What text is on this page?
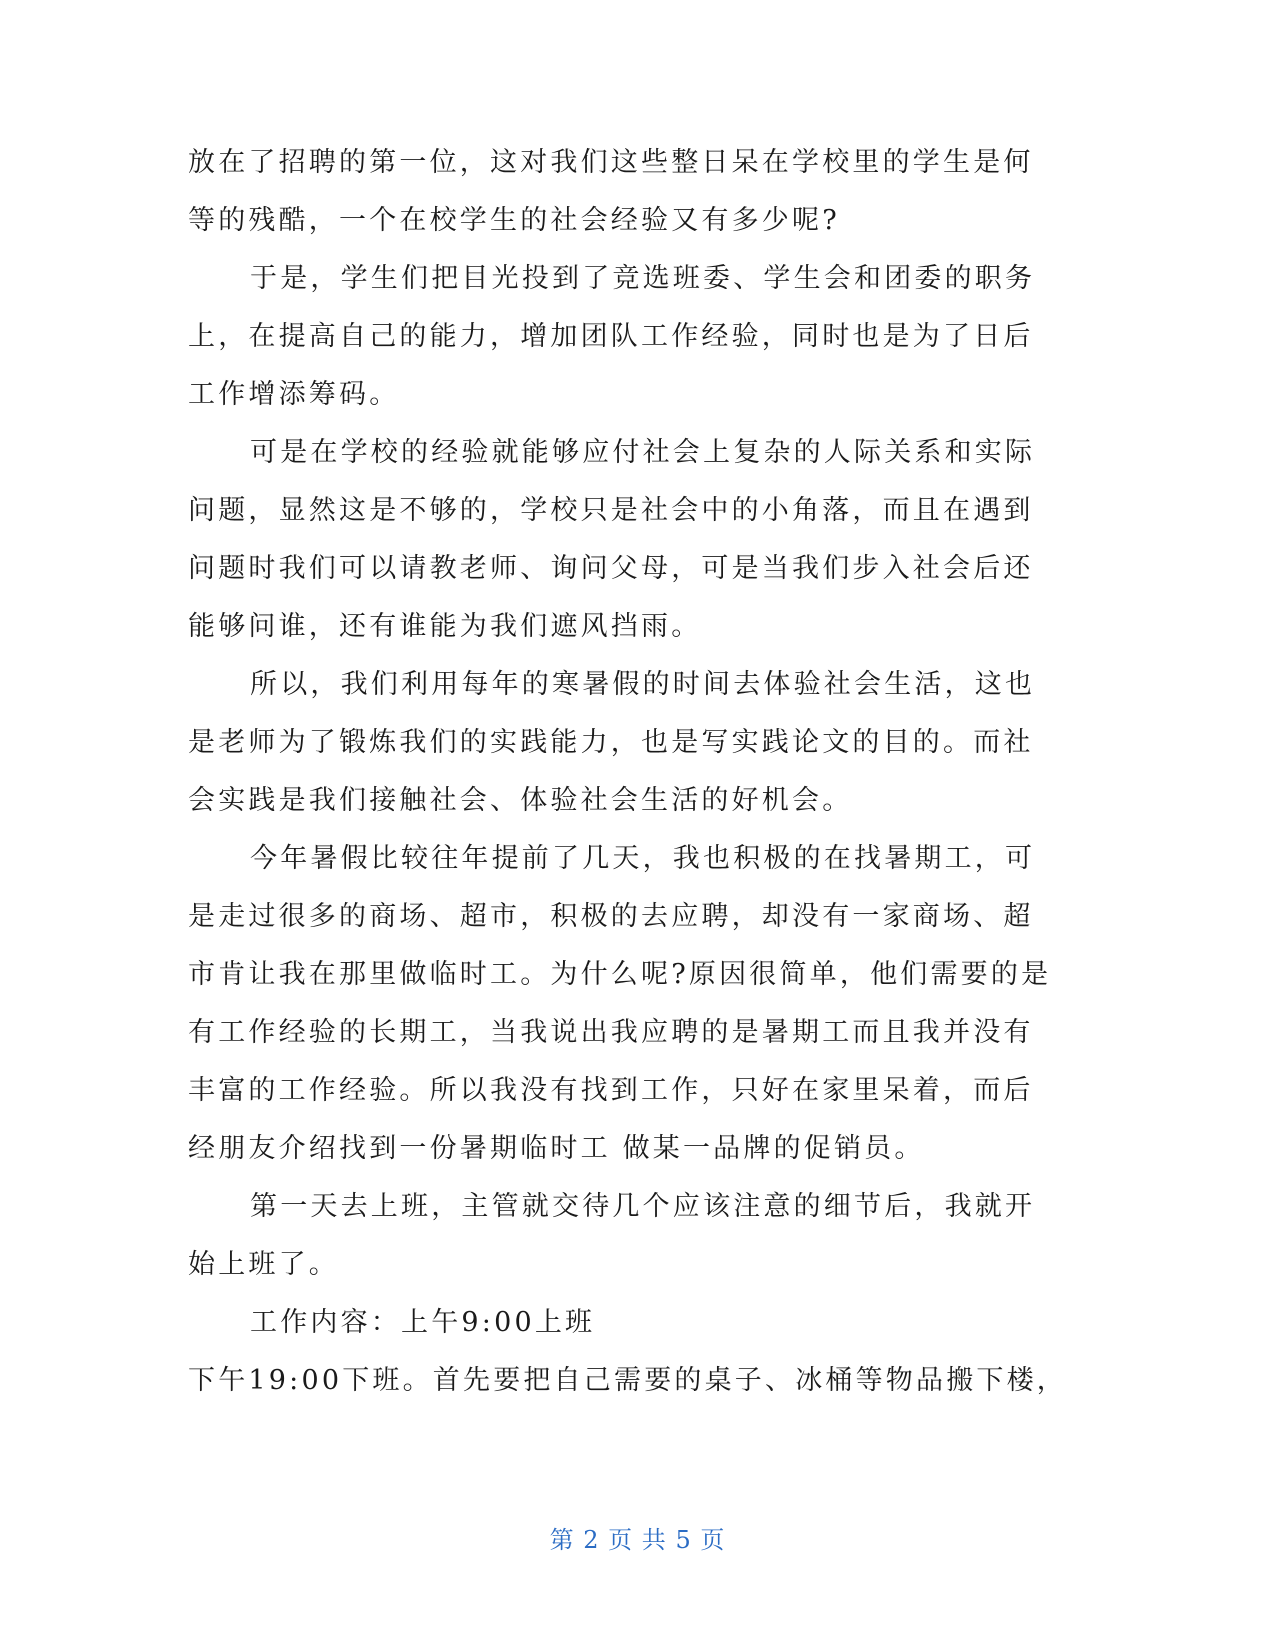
放在了招聘的第一位，这对我们这些整日呆在学校里的学生是何
等的残酷，一个在校学生的社会经验又有多少呢?
于是，学生们把目光投到了竞选班委、学生会和团委的职务
上，在提高自己的能力，增加团队工作经验，同时也是为了日后
工作增添筹码。
可是在学校的经验就能够应付社会上复杂的人际关系和实际
问题，显然这是不够的，学校只是社会中的小角落，而且在遇到
问题时我们可以请教老师、询问父母，可是当我们步入社会后还
能够问谁，还有谁能为我们遮风挡雨。
所以，我们利用每年的寒暑假的时间去体验社会生活，这也
是老师为了锻炼我们的实践能力，也是写实践论文的目的。而社
会实践是我们接触社会、体验社会生活的好机会。
今年暑假比较往年提前了几天，我也积极的在找暑期工，可
是走过很多的商场、超市，积极的去应聘，却没有一家商场、超
市肯让我在那里做临时工。为什么呢?原因很简单，他们需要的是
有工作经验的长期工，当我说出我应聘的是暑期工而且我并没有
丰富的工作经验。所以我没有找到工作，只好在家里呆着，而后
经朋友介绍找到一份暑期临时工 做某一品牌的促销员。
第一天去上班，主管就交待几个应该注意的细节后，我就开
始上班了。
工作内容：上午9:00上班
下午19:00下班。首先要把自己需要的桌子、冰桶等物品搬下楼，
第 2 页 共 5 页
